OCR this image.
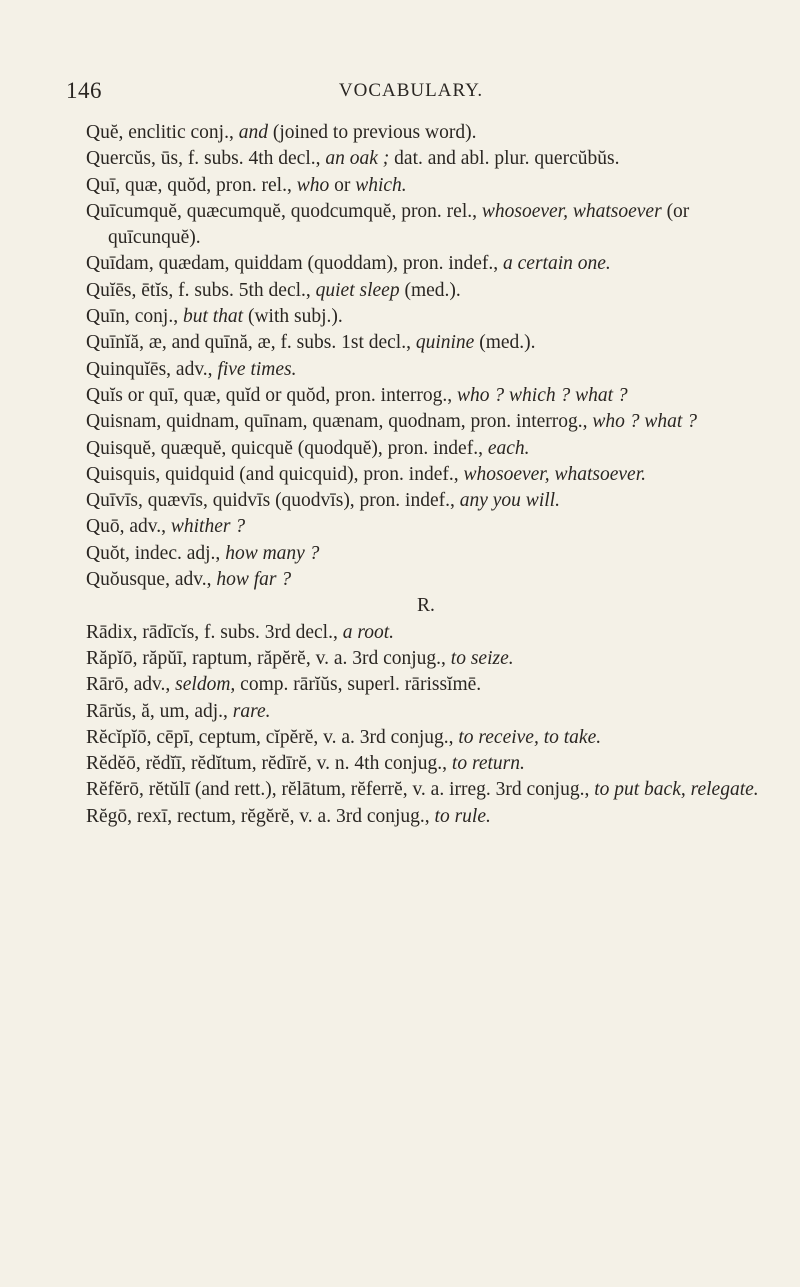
146	VOCABULARY.

Quĕ, enclitic conj., and (joined to previous word).

Quercŭs, ūs, f. subs. 4th decl., an oak ; dat. and abl. plur. quercŭbŭs.

Quī, quæ, quŏd, pron. rel., who or which.

Quīcumquĕ, quæcumquĕ, quodcumquĕ, pron. rel., whosoever, whatsoever (or quīcunquĕ).

Quīdam, quædam, quiddam (quoddam), pron. indef., a certain one.

Quĭēs, ētĭs, f. subs. 5th decl., quiet sleep (med.).

Quīn, conj., but that (with subj.).

Quīnĭă, æ, and quīnă, æ, f. subs. 1st decl., quinine (med.).

Quinquĭēs, adv., five times.

Quĭs or quī, quæ, quĭd or quŏd, pron. interrog., who ? which ? what ?

Quisnam, quidnam, quīnam, quænam, quodnam, pron. interrog., who ? what ?

Quisquĕ, quæquĕ, quicquĕ (quodquĕ), pron. indef., each.

Quisquis, quidquid (and quicquid), pron. indef., whosoever, whatsoever.

Quīvīs, quævīs, quidvīs (quodvīs), pron. indef., any you will.

Quō, adv., whither ?

Quŏt, indec. adj., how many ?

Quŏusque, adv., how far ?

R.

Rādix, rādīcĭs, f. subs. 3rd decl., a root.

Răpĭō, răpŭī, raptum, răpĕrĕ, v. a. 3rd conjug., to seize.

Rārō, adv., seldom, comp. rārĭŭs, superl. rārissĭmē.

Rārŭs, ă, um, adj., rare.

Rĕcĭpĭō, cēpī, ceptum, cĭpĕrĕ, v. a. 3rd conjug., to receive, to take.

Rĕdĕō, rĕdĭī, rĕdĭtum, rĕdīrĕ, v. n. 4th conjug., to return.

Rĕfĕrō, rĕtŭlī (and rett.), rĕlātum, rĕferrĕ, v. a. irreg. 3rd conjug., to put back, relegate.

Rĕgō, rexī, rectum, rĕgĕrĕ, v. a. 3rd conjug., to rule.
